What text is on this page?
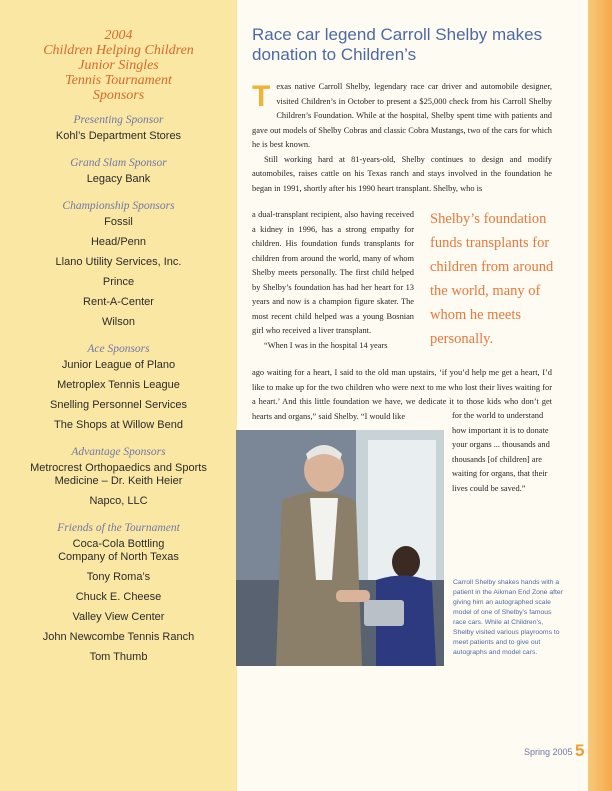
2004
Children Helping Children
Junior Singles
Tennis Tournament
Sponsors
Presenting Sponsor
Kohl’s Department Stores
Grand Slam Sponsor
Legacy Bank
Championship Sponsors
Fossil
Head/Penn
Llano Utility Services, Inc.
Prince
Rent-A-Center
Wilson
Ace Sponsors
Junior League of Plano
Metroplex Tennis League
Snelling Personnel Services
The Shops at Willow Bend
Advantage Sponsors
Metrocrest Orthopaedics and Sports Medicine – Dr. Keith Heier
Napco, LLC
Friends of the Tournament
Coca-Cola Bottling Company of North Texas
Tony Roma’s
Chuck E. Cheese
Valley View Center
John Newcombe Tennis Ranch
Tom Thumb
Race car legend Carroll Shelby makes donation to Children’s
Texas native Carroll Shelby, legendary race car driver and automobile designer, visited Children’s in October to present a $25,000 check from his Carroll Shelby Children’s Foundation. While at the hospital, Shelby spent time with patients and gave out models of Shelby Cobras and classic Cobra Mustangs, two of the cars for which he is best known.
Still working hard at 81-years-old, Shelby continues to design and modify automobiles, raises cattle on his Texas ranch and stays involved in the foundation he began in 1991, shortly after his 1990 heart transplant. Shelby, who is
a dual-transplant recipient, also having received a kidney in 1996, has a strong empathy for children. His foundation funds transplants for children from around the world, many of whom Shelby meets personally. The first child helped by Shelby’s foundation has had her heart for 13 years and now is a champion figure skater. The most recent child helped was a young Bosnian girl who received a liver transplant.
“When I was in the hospital 14 years
Shelby’s foundation funds transplants for children from around the world, many of whom he meets personally.
ago waiting for a heart, I said to the old man upstairs, ‘if you’d help me get a heart, I’d like to make up for the two children who were next to me who lost their lives waiting for a heart.’ And this little foundation we have, we dedicate it to those kids who don’t get hearts and organs,” said Shelby. “I would like	for the world to understand how important it is to donate your organs ... thousands and thousands [of children] are waiting for organs, that their lives could be saved.”
Carroll Shelby shakes hands with a patient in the Aikman End Zone after giving him an autographed scale model of one of Shelby’s famous race cars. While at Children’s, Shelby visited various playrooms to meet patients and to give out autographs and model cars.
Spring 2005 5
